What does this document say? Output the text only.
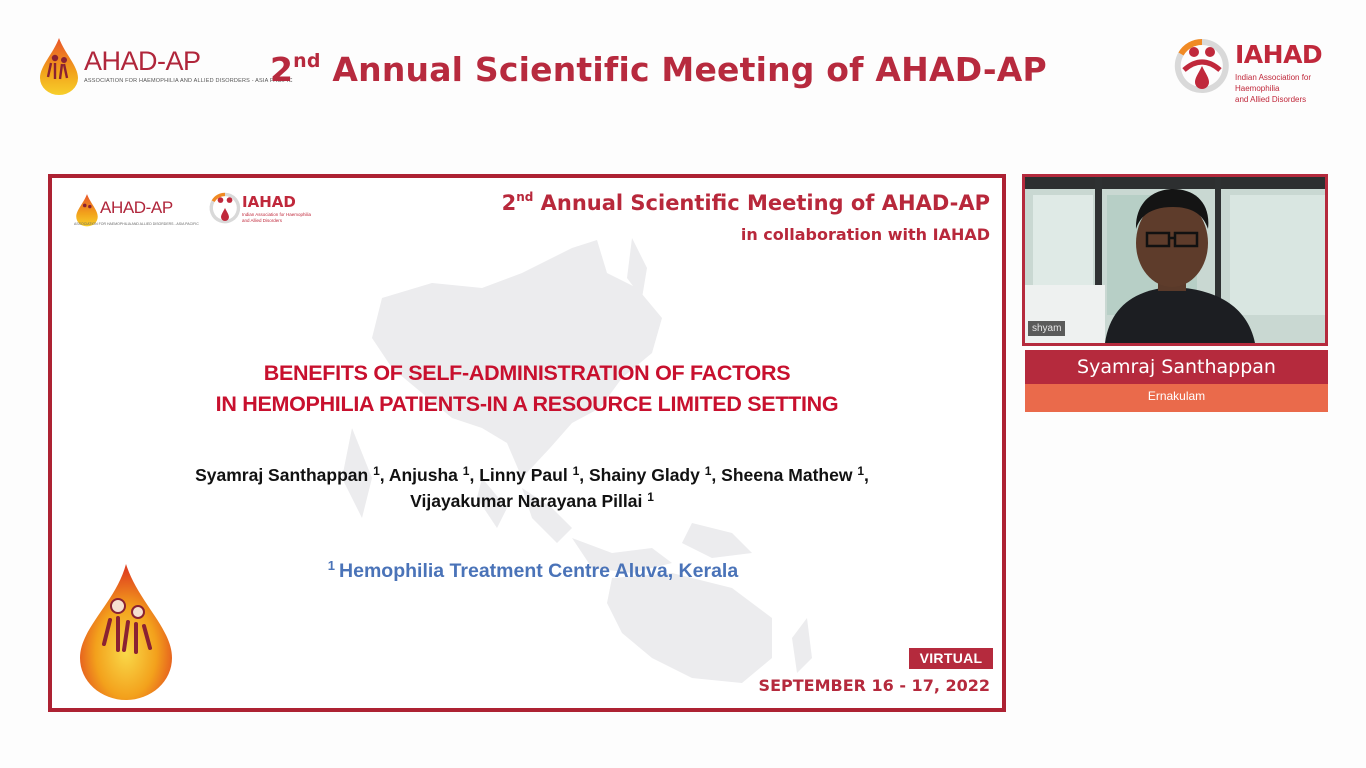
AHAD-AP
ASSOCIATION FOR HAEMOPHILIA AND ALLIED DISORDERS - ASIA PACIFIC
2nd Annual Scientific Meeting of AHAD-AP	IAHAD
Indian Association for Haemophilia
and Allied Disorders
AHAD-AP
ASSOCIATION FOR HAEMOPHILIA AND ALLIED DISORDERS - ASIA PACIFIC
IAHAD
Indian Association for Haemophilia
and Allied Disorders
2nd Annual Scientific Meeting of AHAD-AP
in collaboration with IAHAD
BENEFITS OF SELF-ADMINISTRATION OF FACTORS
IN HEMOPHILIA PATIENTS-IN A RESOURCE LIMITED SETTING
Syamraj Santhappan $^1$, Anjusha $^1$, Linny Paul $^1$, Shainy Glady $^1$, Sheena Mathew $^1$, Vijayakumar Narayana Pillai $^1$
$^1$ Hemophilia Treatment Centre Aluva, Kerala
VIRTUAL
SEPTEMBER 16 - 17, 2022
shyam
Syamraj Santhappan
Ernakulam
